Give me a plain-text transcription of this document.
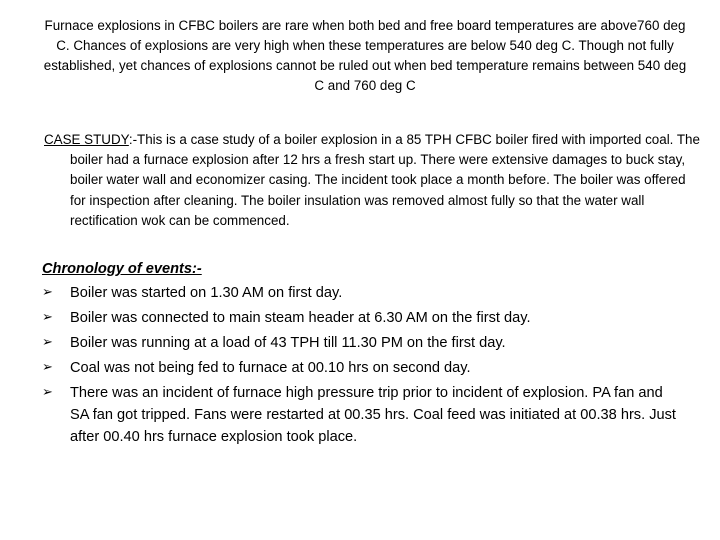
Furnace explosions in CFBC boilers are rare when both bed and free board temperatures are above760 deg C. Chances of explosions are very high when these temperatures are below 540 deg C. Though not fully established, yet chances of explosions cannot be ruled out when bed temperature remains between 540 deg C and 760 deg C

CASE STUDY:-This is a case study of a boiler explosion in a 85 TPH CFBC boiler fired with imported coal. The boiler had a furnace explosion after 12 hrs a fresh start up. There were extensive damages to buck stay, boiler water wall and economizer casing. The incident took place a month before. The boiler was offered for inspection after cleaning. The boiler insulation was removed almost fully so that the water wall rectification wok can be commenced.

Chronology of events:-

➢	Boiler was started on 1.30 AM on first day.
➢	Boiler was connected to main steam header at 6.30 AM on the first day.
➢	Boiler was running at a load of 43 TPH till 11.30 PM on the first day.
➢	Coal was not being fed to furnace at 00.10 hrs on second day.
➢	There was an incident of furnace high pressure trip prior to incident of explosion. PA fan and SA fan got tripped. Fans were restarted at 00.35 hrs. Coal feed was initiated at 00.38 hrs. Just after 00.40 hrs furnace explosion took place.
